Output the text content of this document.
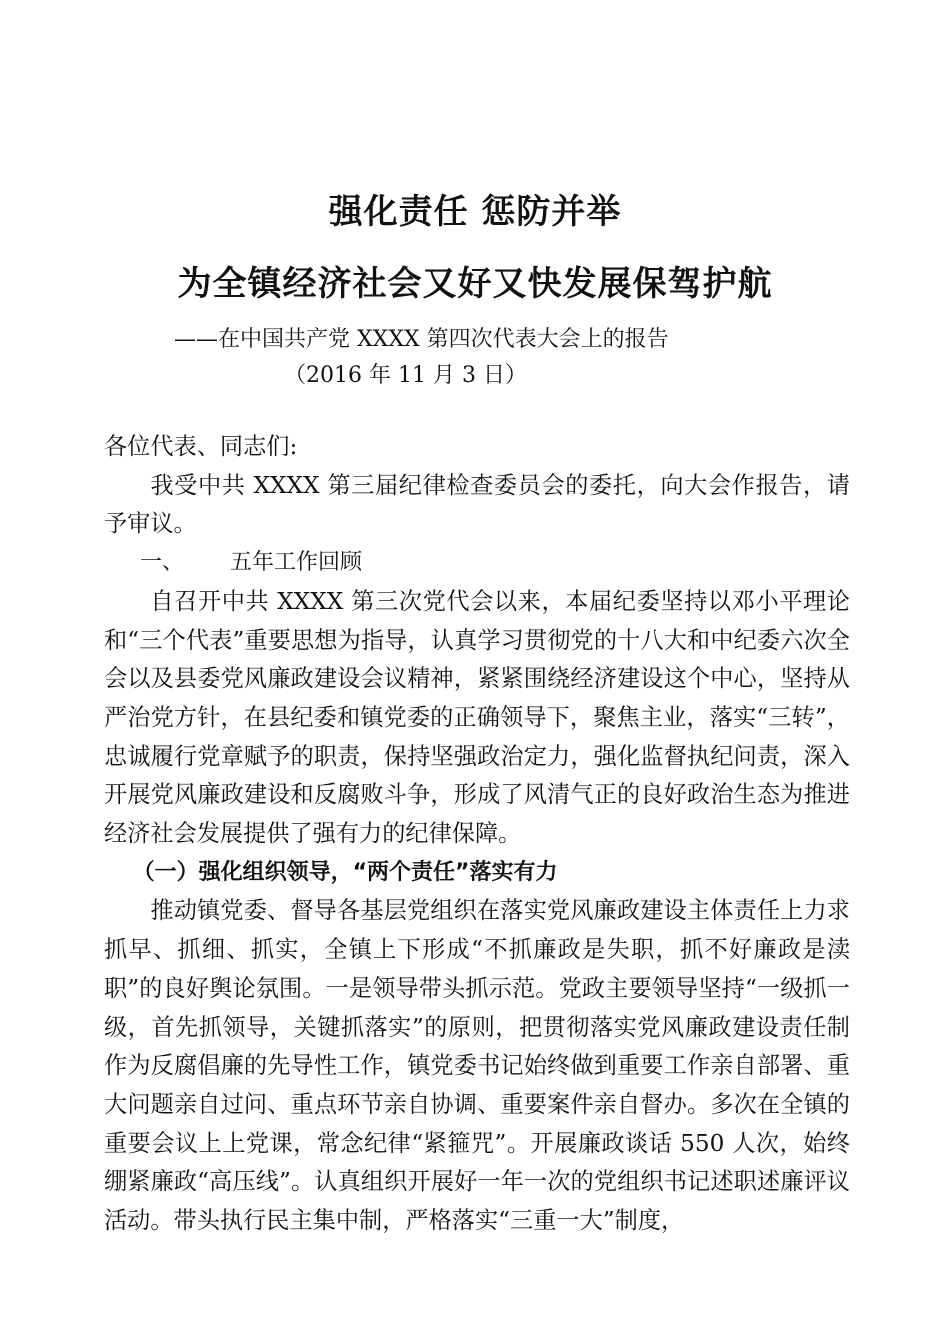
强化责任 惩防并举
为全镇经济社会又好又快发展保驾护航
——在中国共产党 XXXX 第四次代表大会上的报告
（2016 年 11 月 3 日）

各位代表、同志们:

我受中共 XXXX 第三届纪律检查委员会的委托，向大会作报告，请予审议。

一、 五年工作回顾

自召开中共 XXXX 第三次党代会以来，本届纪委坚持以邓小平理论和“三个代表”重要思想为指导，认真学习贯彻党的十八大和中纪委六次全会以及县委党风廉政建设会议精神，紧紧围绕经济建设这个中心，坚持从严治党方针，在县纪委和镇党委的正确领导下，聚焦主业，落实“三转”，忠诚履行党章赋予的职责，保持坚强政治定力，强化监督执纪问责，深入开展党风廉政建设和反腐败斗争，形成了风清气正的良好政治生态为推进经济社会发展提供了强有力的纪律保障。

（一）强化组织领导，“两个责任”落实有力

推动镇党委、督导各基层党组织在落实党风廉政建设主体责任上力求抓早、抓细、抓实，全镇上下形成“不抓廉政是失职，抓不好廉政是渎职”的良好舆论氛围。一是领导带头抓示范。党政主要领导坚持“一级抓一级，首先抓领导，关键抓落实”的原则，把贯彻落实党风廉政建设责任制作为反腐倡廉的先导性工作，镇党委书记始终做到重要工作亲自部署、重大问题亲自过问、重点环节亲自协调、重要案件亲自督办。多次在全镇的重要会议上上党课，常念纪律“紧箍咒”。开展廉政谈话 550 人次，始终绷紧廉政“高压线”。认真组织开展好一年一次的党组织书记述职述廉评议活动。带头执行民主集中制，严格落实“三重一大”制度，
